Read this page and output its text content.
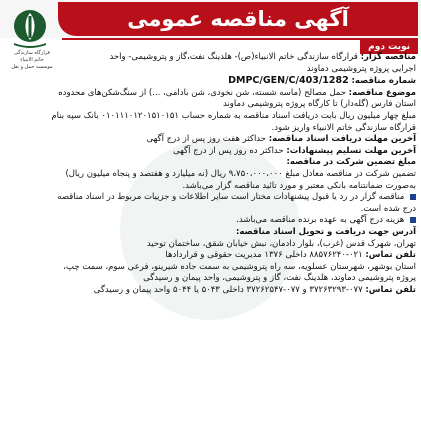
آگهی مناقصه عمومی
قرارگاه سازندگی
خاتم الانبیاء
موسسه حمل و نقل
نوبت دوم

مناقصه گزار: قرارگاه سازندگی خاتم الانبیاء(ص)- هلدینگ نفت،گاز و پتروشیمی- واحد

اجرایی پروژه پتروشیمی دماوند

شماره مناقصه: DMPC/GEN/C/403/1282

موضوع مناقصه: حمل مصالح (ماسه شسته، شن نخودی، شن بادامی، ...) از سنگ‌شکن‌های محدوده

استان فارس (گله‌دار) تا کارگاه پروژه پتروشیمی دماوند

مبلغ چهار میلیون ریال بابت دریافت اسناد مناقصه به شماره حساب ۰۱۰۱۱۱۰۱۲۰۱۵۱۰۱۵۱ بانک سپه بنام

قرارگاه سازندگی خاتم الانبیاء واریز شود.

آخرین مهلت دریافت اسناد مناقصه: حداکثر هفت روز پس از درج آگهی

آخرین مهلت تسلیم پیشنهادات: حداکثر ده روز پس از درج آگهی

مبلغ تضمین شرکت در مناقصه:

تضمین شرکت در مناقصه معادل مبلغ ۹،۷۵۰،۰۰۰،۰۰۰ ریال (نه میلیارد و هفتصد و پنجاه میلیون ریال)

به‌صورت ضمانتنامه بانکی معتبر و مورد تائید مناقصه گزار می‌باشد.

مناقصه گزار در رد یا قبول پیشنهادات مختار است سایر اطلاعات و جزییات مربوط در اسناد مناقصه

درج شده است.

هزینه درج آگهی به عهده برنده مناقصه می‌باشد.

آدرس جهت دریافت و تحویل اسناد مناقصه:

تهران، شهرک قدس (غرب)، بلوار دادمان، نبش خیابان شقق، ساختمان توحید

تلفن تماس: ۰۲۱-۸۸۵۷۶۲۴۰ داخلی ۱۳۷۶ مدیریت حقوقی و قراردادها

استان بوشهر، شهرستان عسلویه، سه راه پتروشیمی به سمت جاده شیرینو، فرعی سوم، سمت چپ،

پروژه پتروشیمی دماوند، هلدینگ نفت، گاز و پتروشیمی، واحد پیمان و رسیدگی

تلفن تماس: ۰۷۷-۳۷۲۶۳۲۹۳ و ۰۷۷-۳۷۲۶۲۵۴۷ داخلی ۵۰۴۳ یا ۵۰۴۴ واحد پیمان و رسیدگی
